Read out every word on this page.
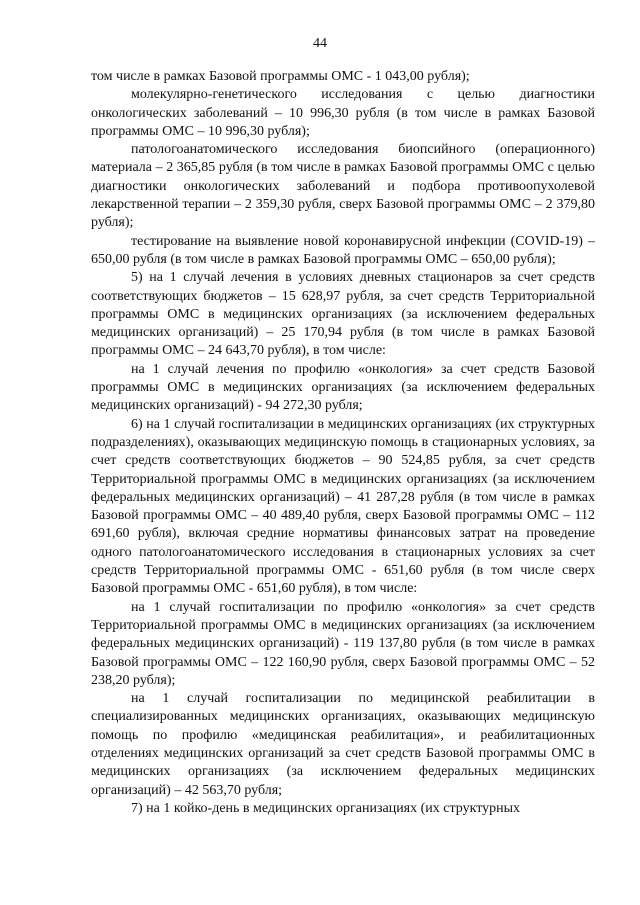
44

том числе в рамках Базовой программы ОМС - 1 043,00 рубля);

молекулярно-генетического исследования с целью диагностики онкологических заболеваний – 10 996,30 рубля (в том числе в рамках Базовой программы ОМС – 10 996,30 рубля);

патологоанатомического исследования биопсийного (операционного) материала – 2 365,85 рубля (в том числе в рамках Базовой программы ОМС с целью диагностики онкологических заболеваний и подбора противоопухолевой лекарственной терапии – 2 359,30 рубля, сверх Базовой программы ОМС – 2 379,80 рубля);

тестирование на выявление новой коронавирусной инфекции (COVID-19) – 650,00 рубля (в том числе в рамках Базовой программы ОМС – 650,00 рубля);

5) на 1 случай лечения в условиях дневных стационаров за счет средств соответствующих бюджетов – 15 628,97 рубля, за счет средств Территориальной программы ОМС в медицинских организациях (за исключением федеральных медицинских организаций) – 25 170,94 рубля (в том числе в рамках Базовой программы ОМС – 24 643,70 рубля), в том числе:

на 1 случай лечения по профилю «онкология» за счет средств Базовой программы ОМС в медицинских организациях (за исключением федеральных медицинских организаций) - 94 272,30 рубля;

6) на 1 случай госпитализации в медицинских организациях (их структурных подразделениях), оказывающих медицинскую помощь в стационарных условиях, за счет средств соответствующих бюджетов – 90 524,85 рубля, за счет средств Территориальной программы ОМС в медицинских организациях (за исключением федеральных медицинских организаций) – 41 287,28 рубля (в том числе в рамках Базовой программы ОМС – 40 489,40 рубля, сверх Базовой программы ОМС – 112 691,60 рубля), включая средние нормативы финансовых затрат на проведение одного патологоанатомического исследования в стационарных условиях за счет средств Территориальной программы ОМС - 651,60 рубля (в том числе сверх Базовой программы ОМС - 651,60 рубля), в том числе:

на 1 случай госпитализации по профилю «онкология» за счет средств Территориальной программы ОМС в медицинских организациях (за исключением федеральных медицинских организаций) - 119 137,80 рубля (в том числе в рамках Базовой программы ОМС – 122 160,90 рубля, сверх Базовой программы ОМС – 52 238,20 рубля);

на 1 случай госпитализации по медицинской реабилитации в специализированных медицинских организациях, оказывающих медицинскую помощь по профилю «медицинская реабилитация», и реабилитационных отделениях медицинских организаций за счет средств Базовой программы ОМС в медицинских организациях (за исключением федеральных медицинских организаций) – 42 563,70 рубля;

7) на 1 койко-день в медицинских организациях (их структурных
